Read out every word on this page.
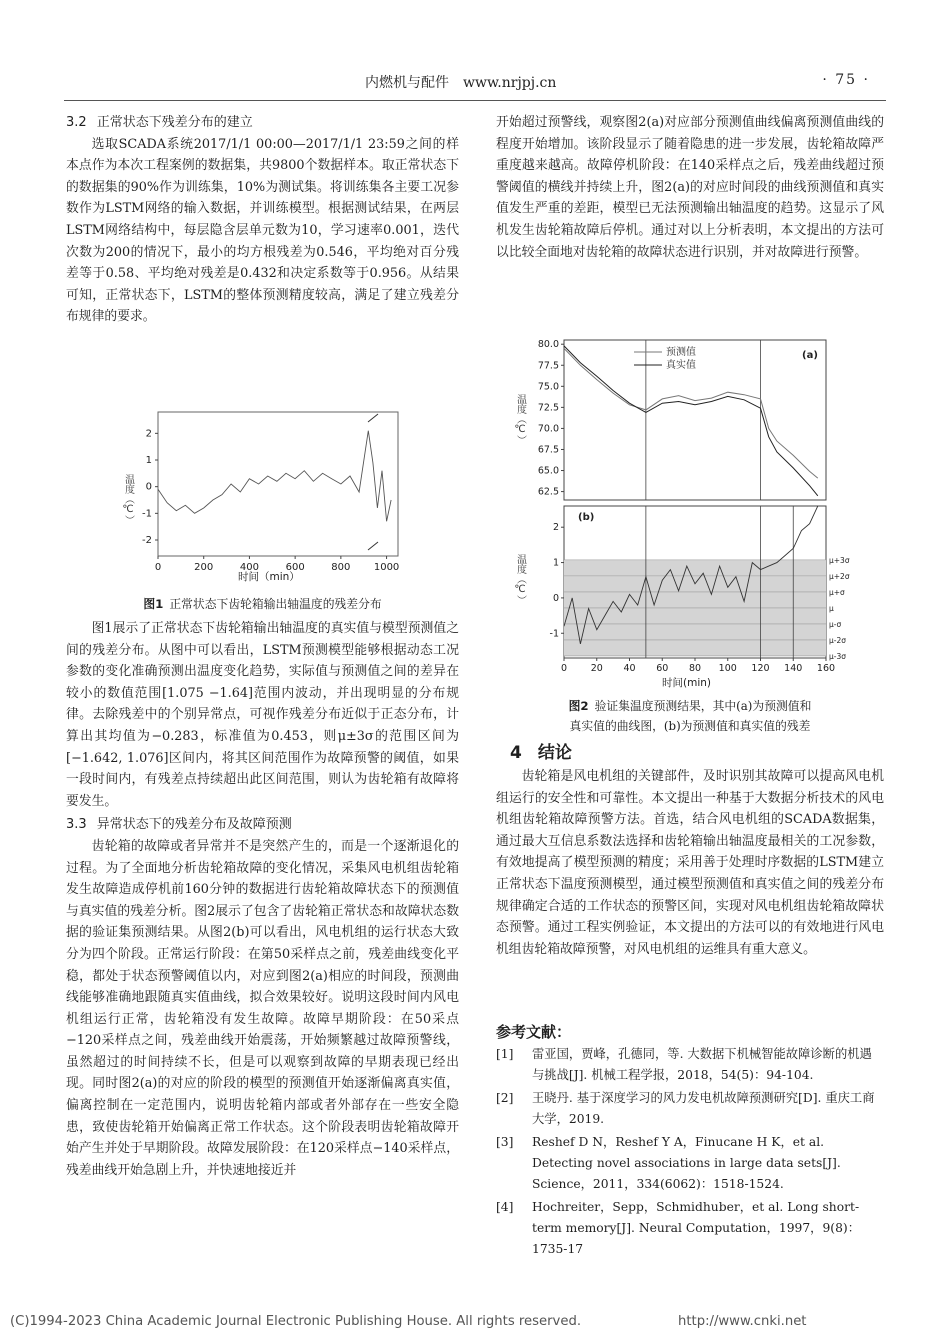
内燃机与配件　www.nrjpj.cn	· 75 ·
3.2 正常状态下残差分布的建立

选取SCADA系统2017/1/1 00:00—2017/1/1 23:59之间的样本点作为本次工程案例的数据集，共9800个数据样本。取正常状态下的数据集的90%作为训练集，10%为测试集。将训练集各主要工况参数作为LSTM网络的输入数据，并训练模型。根据测试结果，在两层LSTM网络结构中，每层隐含层单元数为10，学习速率0.001，迭代次数为200的情况下，最小的均方根残差为0.546，平均绝对百分残差等于0.58、平均绝对残差是0.432和决定系数等于0.956。从结果可知，正常状态下，LSTM的整体预测精度较高，满足了建立残差分布规律的要求。

0	200	400	600	800 1000
2
1
0
-1
-2
温度（℃）
时间（min）
图1 正常状态下齿轮箱输出轴温度的残差分布

图1展示了正常状态下齿轮箱输出轴温度的真实值与模型预测值之间的残差分布。从图中可以看出，LSTM预测模型能够根据动态工况参数的变化准确预测出温度变化趋势，实际值与预测值之间的差异在较小的数值范围[1.075 −1.64]范围内波动，并出现明显的分布规律。去除残差中的个别异常点，可视作残差分布近似于正态分布，计算出其均值为−0.283，标准值为0.453，则μ±3σ的范围区间为[−1.642, 1.076]区间内，将其区间范围作为故障预警的阈值，如果一段时间内，有残差点持续超出此区间范围，则认为齿轮箱有故障将要发生。

3.3 异常状态下的残差分布及故障预测

齿轮箱的故障或者异常并不是突然产生的，而是一个逐渐退化的过程。为了全面地分析齿轮箱故障的变化情况，采集风电机组齿轮箱发生故障造成停机前160分钟的数据进行齿轮箱故障状态下的预测值与真实值的残差分析。图2展示了包含了齿轮箱正常状态和故障状态数据的验证集预测结果。从图2(b)可以看出，风电机组的运行状态大致分为四个阶段。正常运行阶段：在第50采样点之前，残差曲线变化平稳，都处于状态预警阈值以内，对应到图2(a)相应的时间段，预测曲线能够准确地跟随真实值曲线，拟合效果较好。说明这段时间内风电机组运行正常，齿轮箱没有发生故障。故障早期阶段：在50采点−120采样点之间，残差曲线开始震荡，开始频繁越过故障预警线，虽然超过的时间持续不长，但是可以观察到故障的早期表现已经出现。同时图2(a)的对应的阶段的模型的预测值开始逐渐偏离真实值，偏离控制在一定范围内，说明齿轮箱内部或者外部存在一些安全隐患，致使齿轮箱开始偏离正常工作状态。这个阶段表明齿轮箱故障开始产生并处于早期阶段。故障发展阶段：在120采样点−140采样点，残差曲线开始急剧上升，并快速地接近并

开始超过预警线，观察图2(a)对应部分预测值曲线偏离预测值曲线的程度开始增加。该阶段显示了随着隐患的进一步发展，齿轮箱故障严重度越来越高。故障停机阶段：在140采样点之后，残差曲线超过预警阈值的横线并持续上升，图2(a)的对应时间段的曲线预测值和真实值发生严重的差距，模型已无法预测输出轴温度的趋势。这显示了风机发生齿轮箱故障后停机。通过对以上分析表明，本文提出的方法可以比较全面地对齿轮箱的故障状态进行识别，并对故障进行预警。

80.0
77.5
75.0
72.5
70.0
67.5
65.0
62.5
(a)
预测值
真实值
温度（℃）
μ+3σ
μ+2σ
μ+σ
μ
μ-σ
μ-2σ
μ-3σ
2
1
0
-1
0 20 40 60 80 100 120 140 160
(b)
温度（℃）
时间(min)
图2 验证集温度预测结果，其中(a)为预测值和
真实值的曲线图，(b)为预测值和真实值的残差
4 结论

齿轮箱是风电机组的关键部件，及时识别其故障可以提高风电机组运行的安全性和可靠性。本文提出一种基于大数据分析技术的风电机组齿轮箱故障预警方法。首选，结合风电机组的SCADA数据集，通过最大互信息系数法选择和齿轮箱输出轴温度最相关的工况参数，有效地提高了模型预测的精度；采用善于处理时序数据的LSTM建立正常状态下温度预测模型，通过模型预测值和真实值之间的残差分布规律确定合适的工作状态的预警区间，实现对风电机组齿轮箱故障状态预警。通过工程实例验证，本文提出的方法可以的有效地进行风电机组齿轮箱故障预警，对风电机组的运维具有重大意义。

参考文献：
[1]	雷亚国，贾峰，孔德同，等. 大数据下机械智能故障诊断的机遇与挑战[J]. 机械工程学报，2018，54(5)：94-104.
[2]	王晓丹. 基于深度学习的风力发电机故障预测研究[D]. 重庆工商大学，2019.
[3]	Reshef D N，Reshef Y A，Finucane H K，et al. Detecting novel associations in large data sets[J]. Science，2011，334(6062)：1518-1524.
[4]	Hochreiter，Sepp，Schmidhuber，et al. Long short-term memory[J]. Neural Computation，1997，9(8)：1735-17
(C)1994-2023 China Academic Journal Electronic Publishing House. All rights reserved.	http://www.cnki.net
